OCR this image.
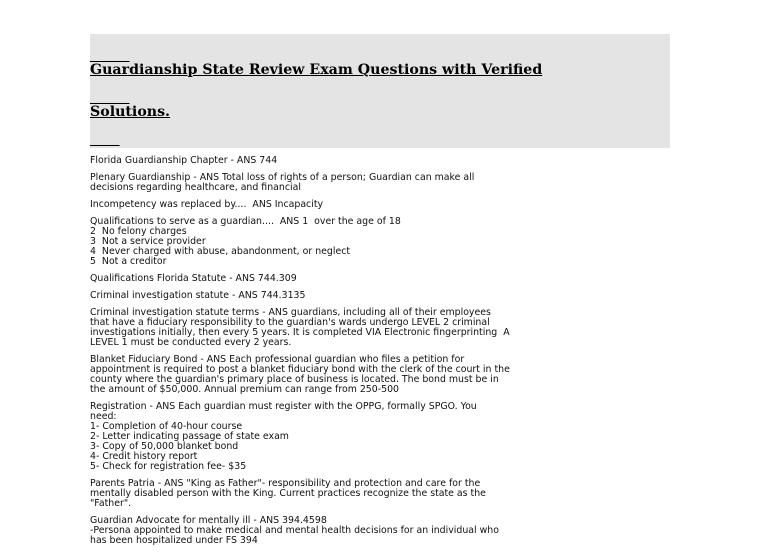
Guardianship State Review Exam Questions with Verified

Solutions.

Florida Guardianship Chapter - ANS 744
Plenary Guardianship - ANS Total loss of rights of a person; Guardian can make all
decisions regarding healthcare, and financial
Incompetency was replaced by....  ANS Incapacity
Qualifications to serve as a guardian....  ANS 1  over the age of 18
2  No felony charges
3  Not a service provider
4  Never charged with abuse, abandonment, or neglect
5  Not a creditor
Qualifications Florida Statute - ANS 744.309
Criminal investigation statute - ANS 744.3135
Criminal investigation statute terms - ANS guardians, including all of their employees
that have a fiduciary responsibility to the guardian's wards undergo LEVEL 2 criminal
investigations initially, then every 5 years. It is completed VIA Electronic fingerprinting  A
LEVEL 1 must be conducted every 2 years.
Blanket Fiduciary Bond - ANS Each professional guardian who files a petition for
appointment is required to post a blanket fiduciary bond with the clerk of the court in the
county where the guardian's primary place of business is located. The bond must be in
the amount of $50,000. Annual premium can range from 250-500
Registration - ANS Each guardian must register with the OPPG, formally SPGO. You
need:
1- Completion of 40-hour course
2- Letter indicating passage of state exam
3- Copy of 50,000 blanket bond
4- Credit history report
5- Check for registration fee- $35
Parents Patria - ANS "King as Father"- responsibility and protection and care for the
mentally disabled person with the King. Current practices recognize the state as the
"Father".
Guardian Advocate for mentally ill - ANS 394.4598
-Persona appointed to make medical and mental health decisions for an individual who
has been hospitalized under FS 394
